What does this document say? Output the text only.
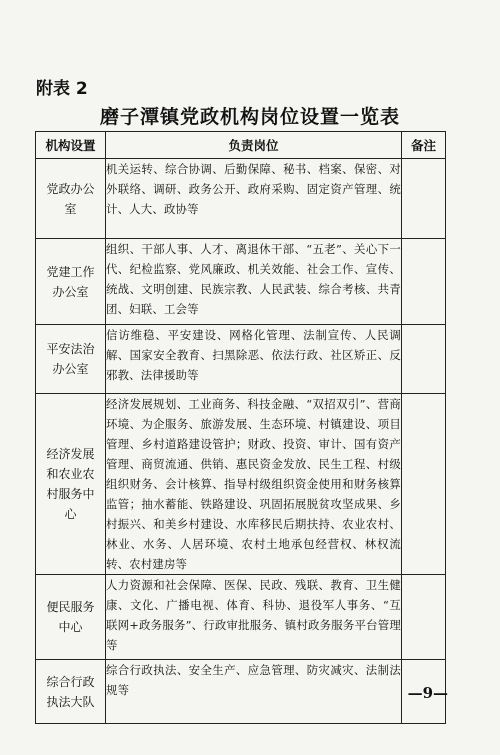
附表 2
磨子潭镇党政机构岗位设置一览表
机构设置	负责岗位	备注
党政办公室	机关运转、综合协调、后勤保障、秘书、档案、保密、对外联络、调研、政务公开、政府采购、固定资产管理、统计、人大、政协等	
党建工作办公室	组织、干部人事、人才、离退休干部、“五老”、关心下一代、纪检监察、党风廉政、机关效能、社会工作、宣传、统战、文明创建、民族宗教、人民武装、综合考核、共青团、妇联、工会等	
平安法治办公室	信访维稳、平安建设、网格化管理、法制宣传、人民调解、国家安全教育、扫黑除恶、依法行政、社区矫正、反邪教、法律援助等	
经济发展和农业农村服务中心	经济发展规划、工业商务、科技金融、“双招双引”、营商环境、为企服务、旅游发展、生态环境、村镇建设、项目管理、乡村道路建设管护；财政、投资、审计、国有资产管理、商贸流通、供销、惠民资金发放、民生工程、村级组织财务、会计核算、指导村级组织资金使用和财务核算监管；抽水蓄能、铁路建设、巩固拓展脱贫攻坚成果、乡村振兴、和美乡村建设、水库移民后期扶持、农业农村、林业、水务、人居环境、农村土地承包经营权、林权流转、农村建房等	
便民服务中心	人力资源和社会保障、医保、民政、残联、教育、卫生健康、文化、广播电视、体育、科协、退役军人事务、“互联网+政务服务”、行政审批服务、镇村政务服务平台管理等	
综合行政执法大队	综合行政执法、安全生产、应急管理、防灾减灾、法制法规等		—9—
